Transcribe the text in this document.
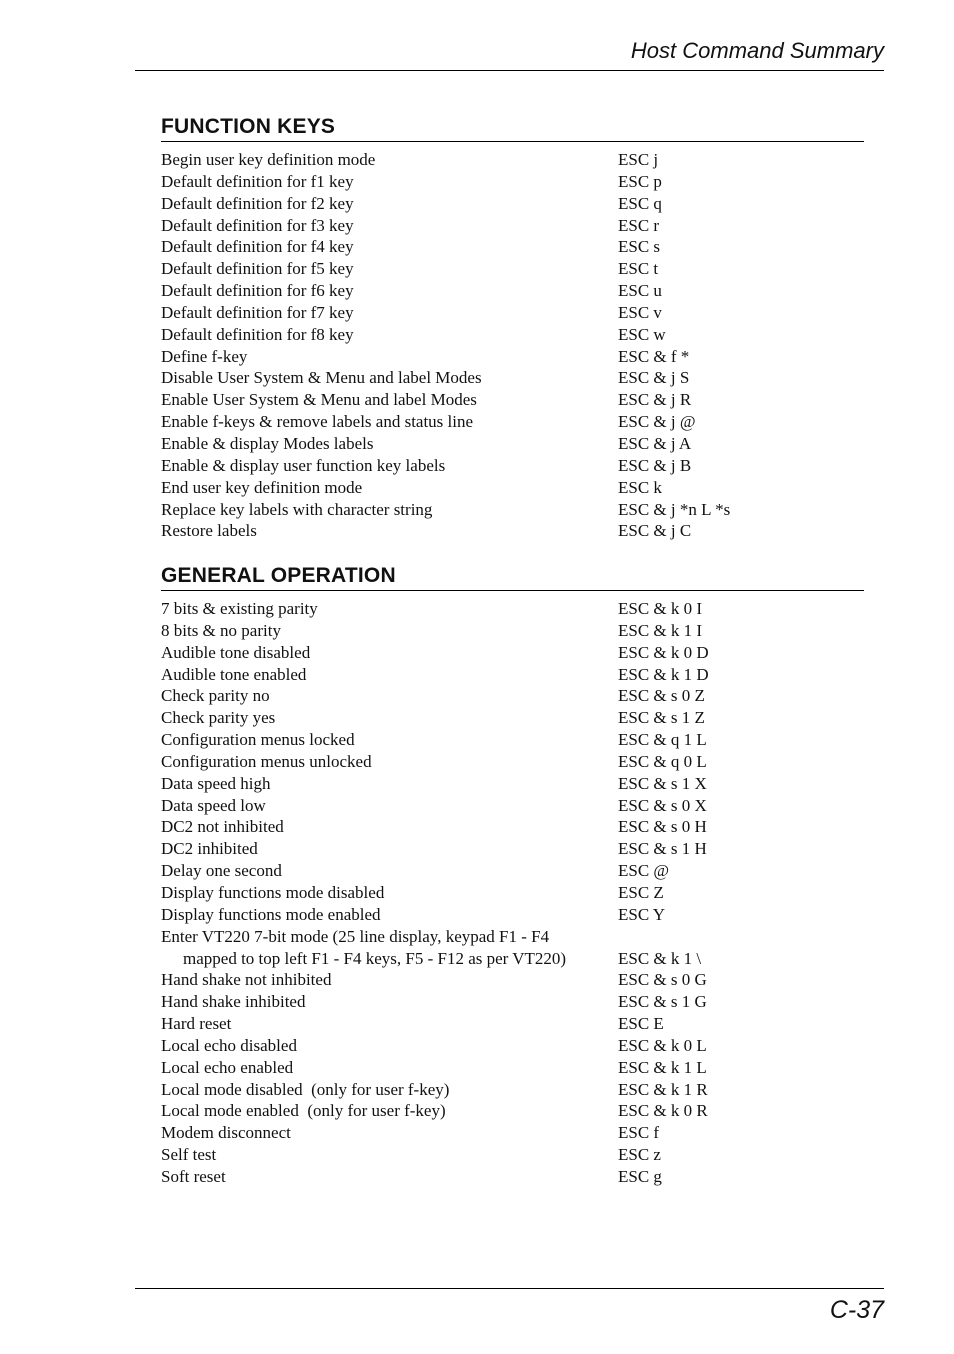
Host Command Summary
FUNCTION KEYS
Begin user key definition mode	ESC j
Default definition for f1 key	ESC p
Default definition for f2 key	ESC q
Default definition for f3 key	ESC r
Default definition for f4 key	ESC s
Default definition for f5 key	ESC t
Default definition for f6 key	ESC u
Default definition for f7 key	ESC v
Default definition for f8 key	ESC w
Define f-key	ESC & f *
Disable User System & Menu and label Modes	ESC & j S
Enable User System & Menu and label Modes	ESC & j R
Enable f-keys & remove labels and status line	ESC & j @
Enable & display Modes labels	ESC & j A
Enable & display user function key labels	ESC & j B
End user key definition mode	ESC k
Replace key labels with character string	ESC & j *n L *s
Restore labels	ESC & j C
GENERAL OPERATION
7 bits & existing parity	ESC & k 0 I
8 bits & no parity	ESC & k 1 I
Audible tone disabled	ESC & k 0 D
Audible tone enabled	ESC & k 1 D
Check parity no	ESC & s 0 Z
Check parity yes	ESC & s 1 Z
Configuration menus locked	ESC & q 1 L
Configuration menus unlocked	ESC & q 0 L
Data speed high	ESC & s 1 X
Data speed low	ESC & s 0 X
DC2 not inhibited	ESC & s 0 H
DC2 inhibited	ESC & s 1 H
Delay one second	ESC @
Display functions mode disabled	ESC Z
Display functions mode enabled	ESC Y
Enter VT220 7-bit mode (25 line display, keypad F1 - F4
mapped to top left F1 - F4 keys, F5 - F12 as per VT220)	ESC & k 1 \
Hand shake not inhibited	ESC & s 0 G
Hand shake inhibited	ESC & s 1 G
Hard reset	ESC E
Local echo disabled	ESC & k 0 L
Local echo enabled	ESC & k 1 L
Local mode disabled  (only for user f-key)	ESC & k 1 R
Local mode enabled  (only for user f-key)	ESC & k 0 R
Modem disconnect	ESC f
Self test	ESC z
Soft reset	ESC g
C-37
